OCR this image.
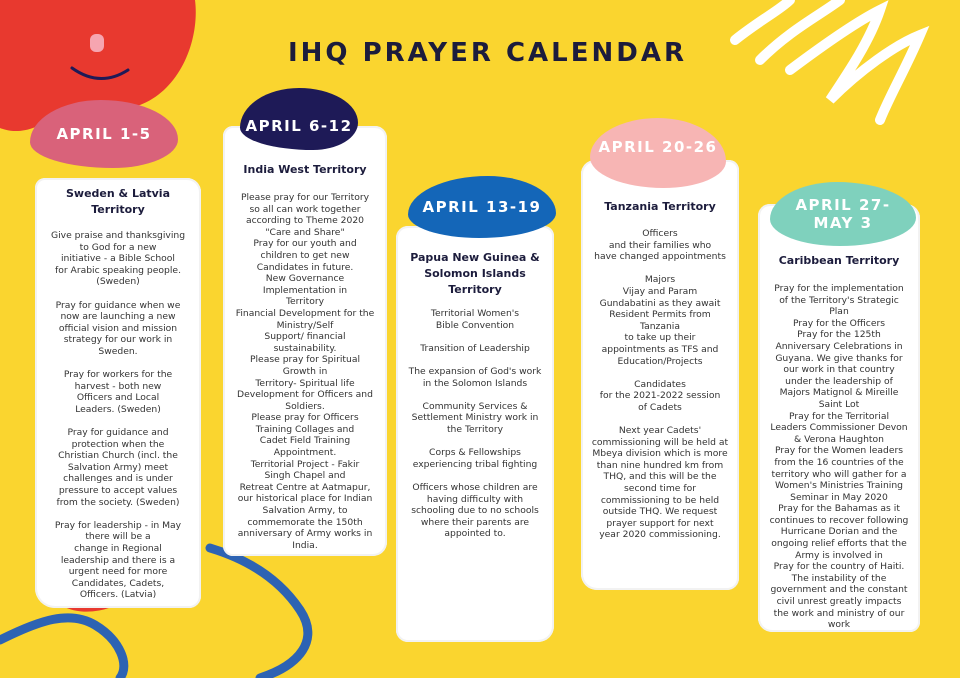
IHQ PRAYER CALENDAR
APRIL 1-5
Sweden & Latvia
Territory
Give praise and thanksgiving
to God for a new
initiative - a Bible School
for Arabic speaking people.
(Sweden)

Pray for guidance when we
now are launching a new
official vision and mission
strategy for our work in
Sweden.

Pray for workers for the
harvest - both new
Officers and Local
Leaders. (Sweden)

Pray for guidance and
protection when the
Christian Church (incl. the
Salvation Army) meet
challenges and is under
pressure to accept values
from the society. (Sweden)

Pray for leadership - in May
there will be a
change in Regional
leadership and there is a
urgent need for more
Candidates, Cadets,
Officers. (Latvia)
APRIL 6-12
India West Territory
Please pray for our Territory
so all can work together
according to Theme 2020
"Care and Share"
Pray for our youth and
children to get new
Candidates in future.
New Governance
Implementation in
Territory
Financial Development for the
Ministry/Self
Support/ financial
sustainability.
Please pray for Spiritual
Growth in
Territory- Spiritual life
Development for Officers and
Soldiers.
Please pray for Officers
Training Collages and
Cadet Field Training
Appointment.
Territorial Project - Fakir
Singh Chapel and
Retreat Centre at Aatmapur,
our historical place for Indian
Salvation Army, to
commemorate the 150th
anniversary of Army works in
India.
APRIL 13-19
Papua New Guinea &
Solomon Islands
Territory
Territorial Women's
Bible Convention

Transition of Leadership

The expansion of God's work
in the Solomon Islands

Community Services &
Settlement Ministry work in
the Territory

Corps & Fellowships
experiencing tribal fighting

Officers whose children are
having difficulty with
schooling due to no schools
where their parents are
appointed to.
APRIL 20-26
Tanzania Territory
Officers
and their families who
have changed appointments

Majors
Vijay and Param
Gundabatini as they await
Resident Permits from
Tanzania
to take up their
appointments as TFS and
Education/Projects

Candidates
for the 2021-2022 session
of Cadets

Next year Cadets'
commissioning will be held at
Mbeya division which is more
than nine hundred km from
THQ, and this will be the
second time for
commissioning to be held
outside THQ. We request
prayer support for next
year 2020 commissioning.
APRIL 27-
MAY 3
Caribbean Territory
Pray for the implementation
of the Territory's Strategic
Plan
Pray for the Officers
Pray for the 125th
Anniversary Celebrations in
Guyana. We give thanks for
our work in that country
under the leadership of
Majors Matignol & Mireille
Saint Lot
Pray for the Territorial
Leaders Commissioner Devon
& Verona Haughton
Pray for the Women leaders
from the 16 countries of the
territory who will gather for a
Women's Ministries Training
Seminar in May 2020
Pray for the Bahamas as it
continues to recover following
Hurricane Dorian and the
ongoing relief efforts that the
Army is involved in
Pray for the country of Haiti.
The instability of the
government and the constant
civil unrest greatly impacts
the work and ministry of our
work
